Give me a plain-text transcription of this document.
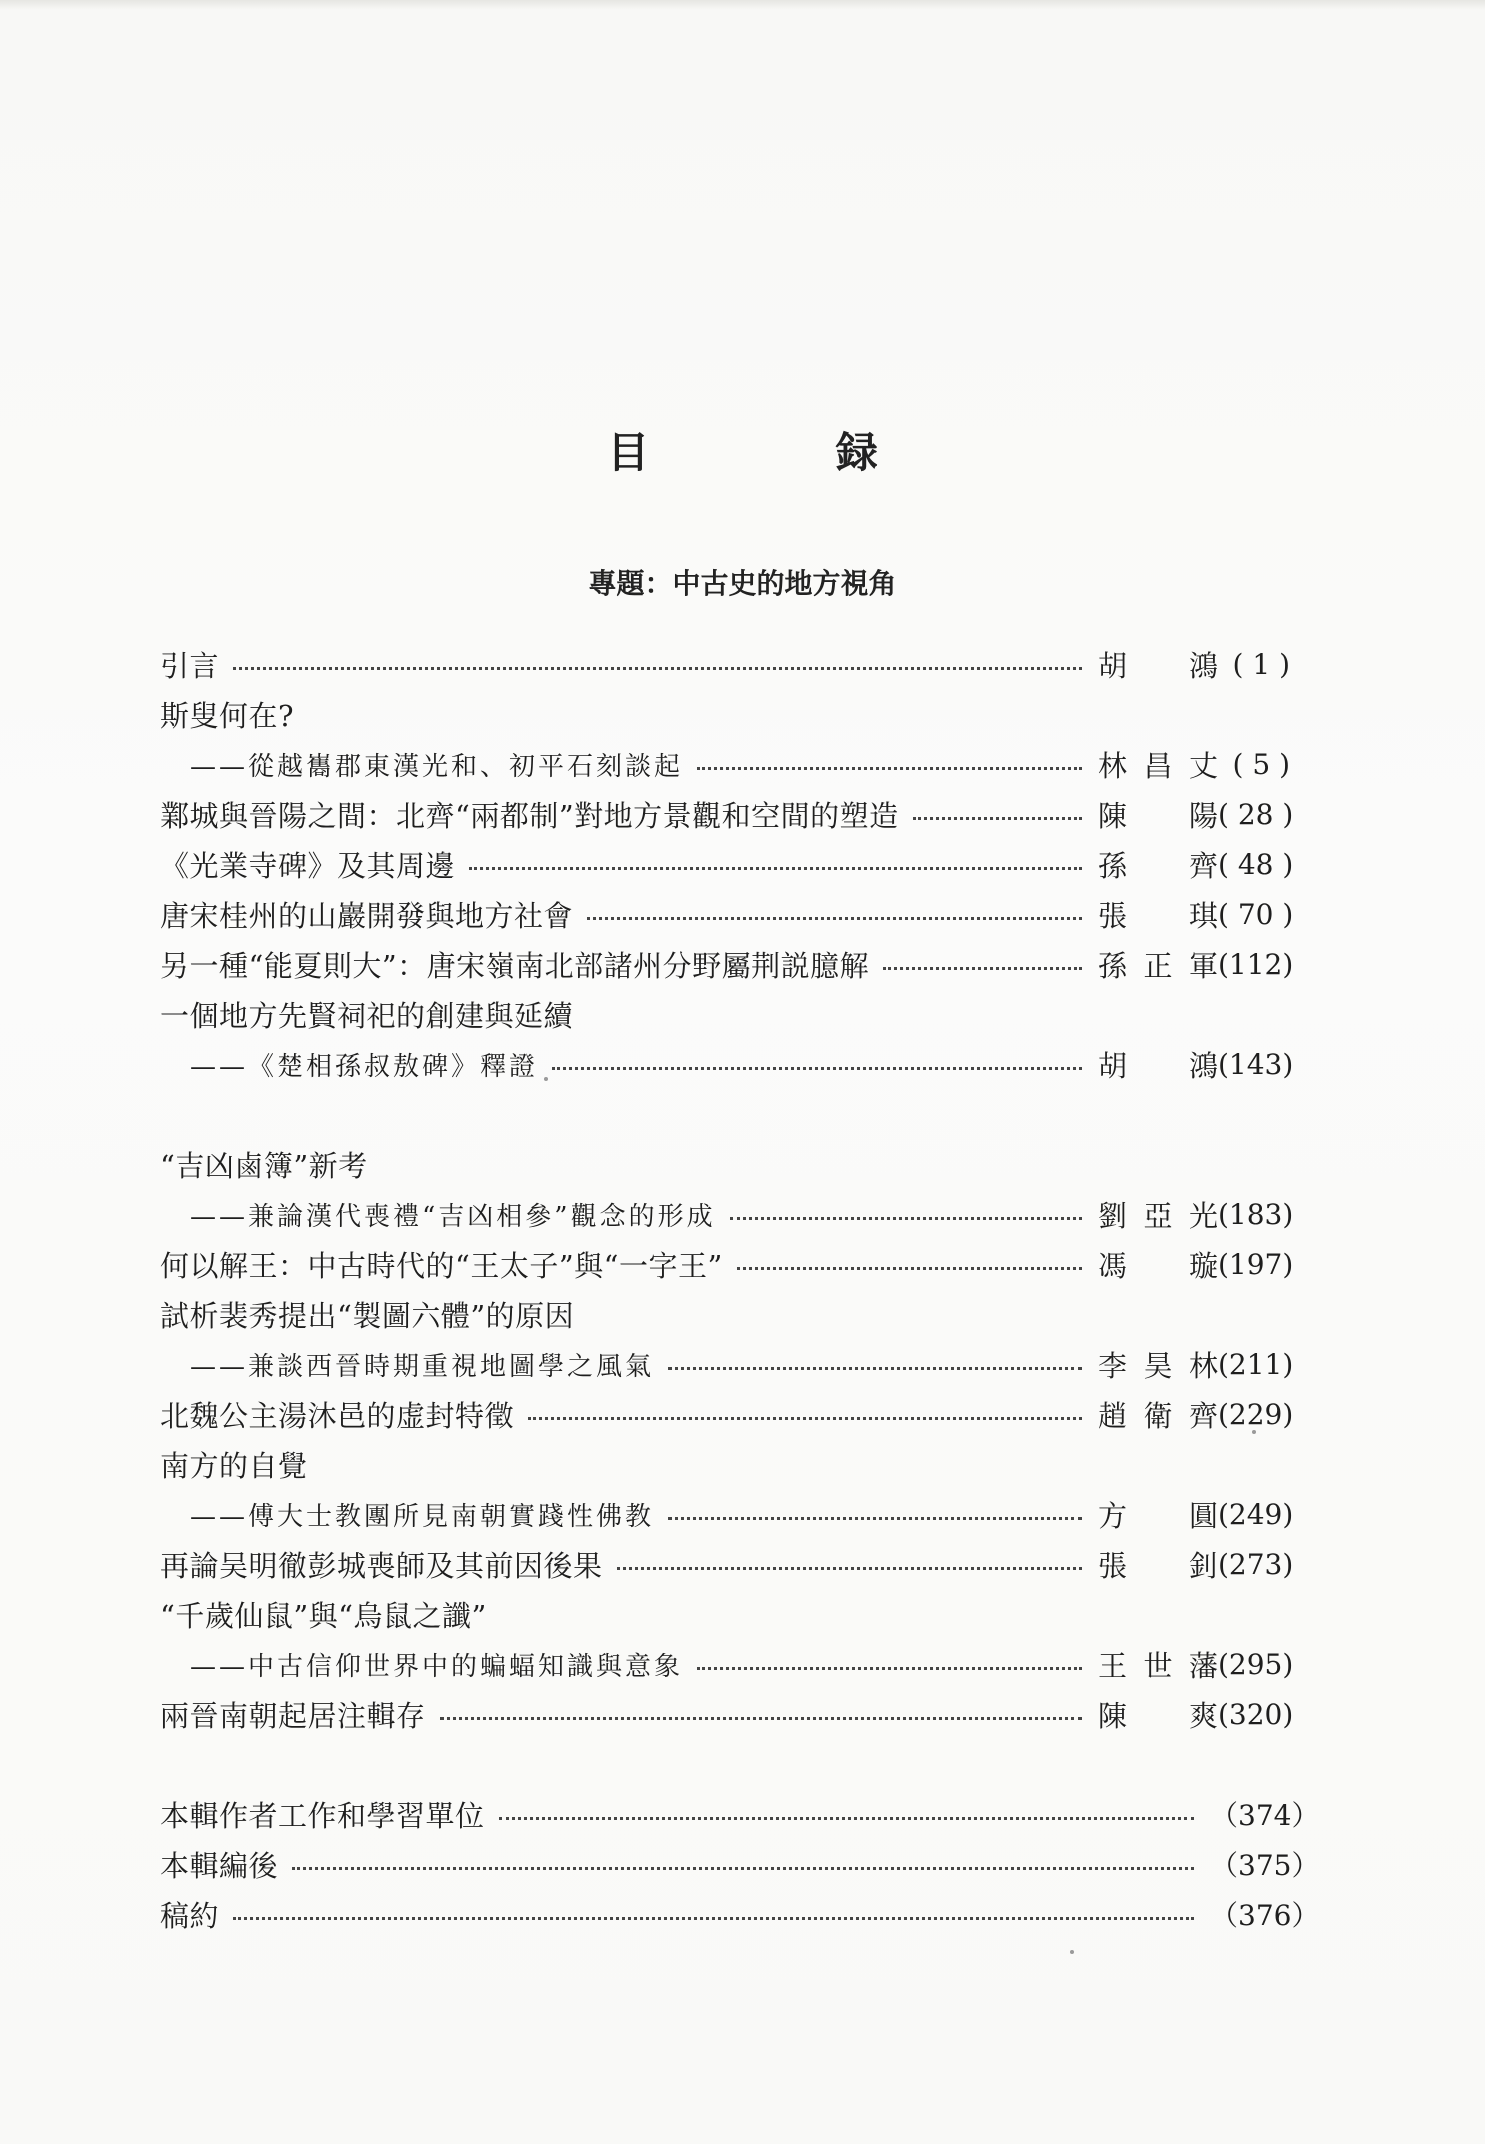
目 録
專題：中古史的地方視角
引言	胡　鴻 ( 1 )
斯叟何在?
——從越巂郡東漢光和、初平石刻談起	林昌丈 ( 5 )
鄴城與晉陽之間：北齊“兩都制”對地方景觀和空間的塑造	陳　陽 ( 28 )
《光業寺碑》及其周邊	孫　齊 ( 48 )
唐宋桂州的山巖開發與地方社會	張　琪 ( 70 )
另一種“能夏則大”：唐宋嶺南北部諸州分野屬荆説臆解	孫正軍 (112)
一個地方先賢祠祀的創建與延續
——《楚相孫叔敖碑》釋證	胡　鴻 (143)
“吉凶鹵簿”新考
——兼論漢代喪禮“吉凶相參”觀念的形成	劉亞光 (183)
何以解王：中古時代的“王太子”與“一字王”	馮　璇 (197)
試析裴秀提出“製圖六體”的原因
——兼談西晉時期重視地圖學之風氣	李昊林 (211)
北魏公主湯沐邑的虚封特徵	趙衛齊 (229)
南方的自覺
——傅大士教團所見南朝實踐性佛教	方　圓 (249)
再論吴明徹彭城喪師及其前因後果	張　釗 (273)
“千歲仙鼠”與“烏鼠之讖”
——中古信仰世界中的蝙蝠知識與意象	王世藩 (295)
兩晉南朝起居注輯存	陳　爽 (320)
本輯作者工作和學習單位	（374）
本輯編後	（375）
稿約	（376）
